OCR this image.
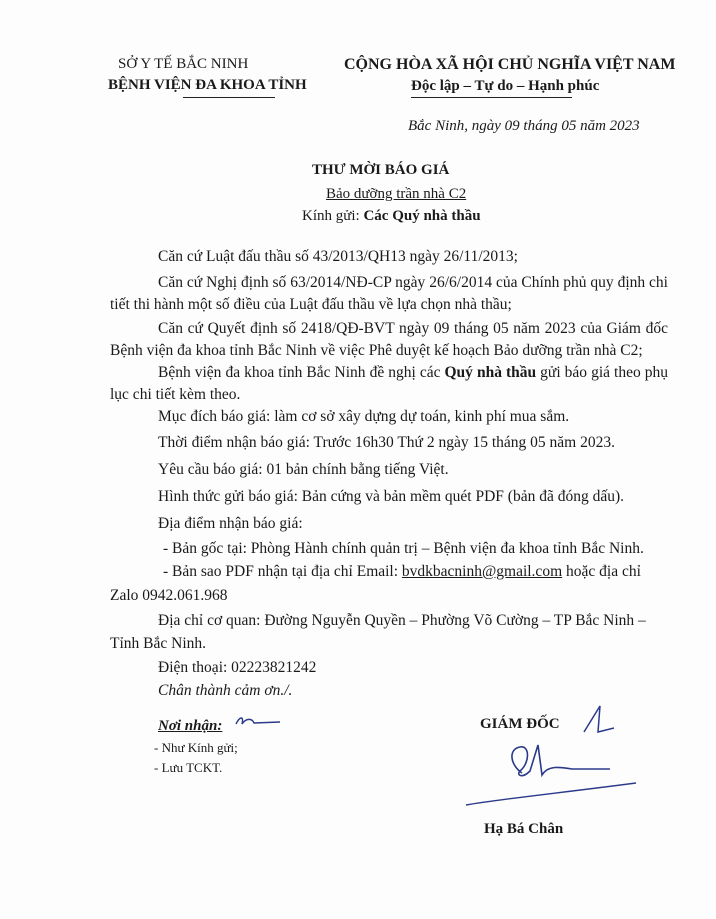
SỞ Y TẾ BẮC NINH
BỆNH VIỆN ĐA KHOA TỈNH
CỘNG HÒA XÃ HỘI CHỦ NGHĨA VIỆT NAM
Độc lập – Tự do – Hạnh phúc
Bắc Ninh, ngày 09 tháng 05 năm 2023
THƯ MỜI BÁO GIÁ
Bảo dưỡng trần nhà C2
Kính gửi: Các Quý nhà thầu
Căn cứ Luật đấu thầu số 43/2013/QH13 ngày 26/11/2013;
Căn cứ Nghị định số 63/2014/NĐ-CP ngày 26/6/2014 của Chính phủ quy định chi tiết thi hành một số điều của Luật đấu thầu về lựa chọn nhà thầu;
Căn cứ Quyết định số 2418/QĐ-BVT ngày 09 tháng 05 năm 2023 của Giám đốc Bệnh viện đa khoa tỉnh Bắc Ninh về việc Phê duyệt kế hoạch Bảo dưỡng trần nhà C2;
Bệnh viện đa khoa tỉnh Bắc Ninh đề nghị các Quý nhà thầu gửi báo giá theo phụ lục chi tiết kèm theo.
Mục đích báo giá: làm cơ sở xây dựng dự toán, kinh phí mua sắm.
Thời điểm nhận báo giá: Trước 16h30 Thứ 2 ngày 15 tháng 05 năm 2023.
Yêu cầu báo giá: 01 bản chính bằng tiếng Việt.
Hình thức gửi báo giá: Bản cứng và bản mềm quét PDF (bản đã đóng dấu).
Địa điểm nhận báo giá:
- Bản gốc tại: Phòng Hành chính quản trị – Bệnh viện đa khoa tỉnh Bắc Ninh.
- Bản sao PDF nhận tại địa chỉ Email: bvdkbacninh@gmail.com hoặc địa chỉ
Zalo 0942.061.968
Địa chỉ cơ quan: Đường Nguyễn Quyền – Phường Võ Cường – TP Bắc Ninh –
Tỉnh Bắc Ninh.
Điện thoại: 02223821242
Chân thành cảm ơn./.
Nơi nhận:
- Như Kính gửi;
- Lưu TCKT.
GIÁM ĐỐC
Hạ Bá Chân
